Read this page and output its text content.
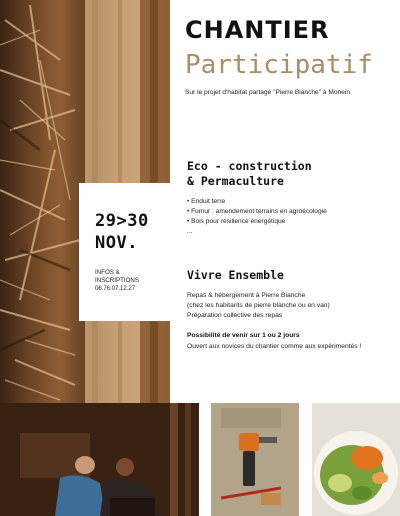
29>30
NOV.
INFOS &
INSCRIPTIONS
06.76.07.12.27
CHANTIER
Participatif
Sur le projet d'habitat partagé "Pierre Blanche" à Monein
Eco - construction
& Permaculture
• Enduit terre
• Fumur : amendement terrains en agroécologie
• Bois pour résilience énergétique
...
Vivre Ensemble
Repas & hébergement à Pierre Blanche
(chez les habitants de pierre blanche ou en van)
Préparation collective des repas
Possibilité de venir sur 1 ou 2 jours
Ouvert aux novices du chantier comme aux expérimentés !
